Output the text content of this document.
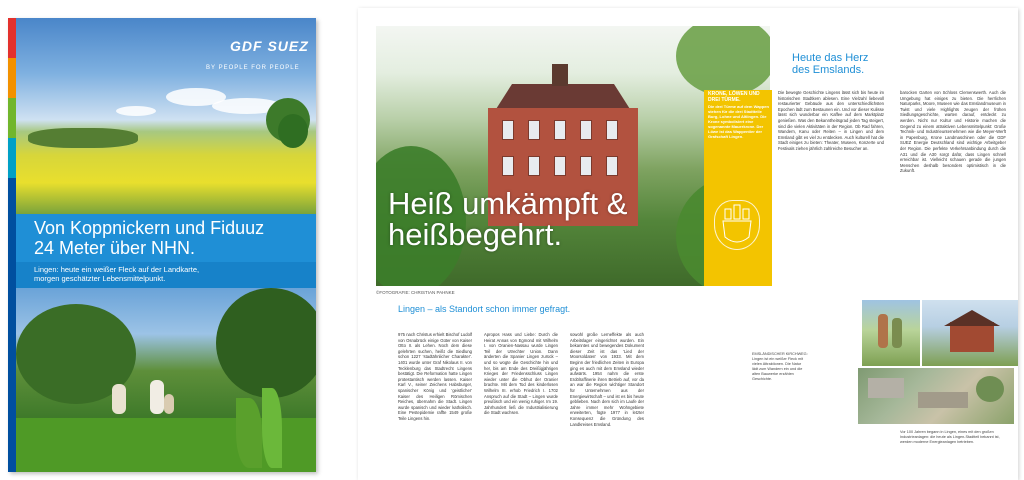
GDF SUEZ
BY PEOPLE FOR PEOPLE
Von Koppnickern und Fiduuz
24 Meter über NHN.
Lingen: heute ein weißer Fleck auf der Landkarte,
morgen geschätzter Lebensmittelpunkt.
Heiß umkämpft &
heißbegehrt.
©FOTOGRAFIE: CHRISTIAN PAHNKE
KRONE, LÖWEN UND DREI TÜRME.
Die drei Türme auf dem Wappen stehen für die drei Stadtteile Burg, Lohne und Altlingen. Die Krone symbolisiert eine sogenannte Mauerkrone. Der Löwe ist das Wappentier der Grafschaft Lingen.
Heute das Herz
des Emslands.
Die bewegte Geschichte Lingens lässt sich bis heute im historischen Stadtkern ablesen. Eine Vielzahl liebevoll restaurierter Gebäude aus den unterschiedlichsten Epochen lädt zum Bestaunen ein. Und vor dieser Kulisse lässt sich wunderbar ein Kaffee auf dem Marktplatz genießen. Was den Bekanntheitsgrad jeden Tag steigert, sind die vielen Aktivitäten in der Region. Ob Rad fahren, Wandern, Kanu oder Reiten – in Lingen und dem Emsland gibt es viel zu entdecken. Auch kulturell hat die Stadt einiges zu bieten: Theater, Museen, Konzerte und Festivals ziehen jährlich zahlreiche Besucher an.
barocken Garten von Schloss Clemenswerth. Auch die Umgebung hat einiges zu bieten. Die herrlichen Naturparks, Moore, Museen wie das Emslandmuseum in Twist und viele Highlights zeugen der frühen Siedlungsgeschichte, warten darauf, entdeckt zu werden. Nicht nur Kultur und Historie machen die Gegend zu einem attraktiven Lebensmittelpunkt: Große Technik- und Industrieunternehmen wie die Meyer-Werft in Papenburg, Krone Landmaschinen oder die GDF SUEZ Energie Deutschland sind wichtige Arbeitgeber der Region. Die perfekte Verkehrsanbindung durch die A31 und die A30 sorgt dafür, dass Lingen schnell erreichbar ist. Vielleicht schauen gerade die jungen Menschen deshalb besonders optimistisch in die Zukunft.
Lingen – als Standort schon immer gefragt.
975 nach Christus erhielt Bischof Ludolf von Osnabrück einige Güter von Kaiser Otto II. als Lehen. Noch dem diese gelehrten suchen, heißt die Siedlung schon 1227 'stadtähnlicher Charakter'. 1401 wurde unter Graf Nikolaus II. von Tecklenburg das Stadtrecht Lingens bestätigt. Die Reformation hatte Lingen protestantisch werden lassen. Kaiser Karl V., seiner Zeichens Habsburger, spanischer König und 'geistlicher' Kaiser des Heiligen Römischen Reiches, übernahm die Stadt. Lingen wurde spanisch und wieder katholisch. Eine Pestepidemie raffte 1549 große Teile Lingens hin.
Apropos Hass und Liebe: Durch die Heirat Annas von Egmond mit Wilhelm I. von Oranien-Nassau wurde Lingen Teil der Utrechter Union. Dann änderten die Spanier Lingen zurück – und so wogte die Geschichte hin und her, bis am Ende des Dreißigjährigen Krieges der Friedensschluss Lingen wieder unter die Obhut der Oranier brachte. Mit dem Tod des kinderlosen Wilhelm III. erhob Friedrich I. 1702 Anspruch auf die Stadt – Lingen wurde preußisch und ein wenig ruhiger. Im 19. Jahrhundert ließ die Industrialisierung die Stadt wachsen.
sowohl große Lerneffekte als auch Arbeitslager eingerichtet wurden. Ein bekanntes und bewegendes Dokument dieser Zeit ist das 'Lied der Moorsoldaten' von 1933. Mit dem Beginn der friedlichen Zeiten in Europa ging es auch mit dem Emsland wieder aufwärts. 1954 nahm die erste Erdölraffinerie ihren Betrieb auf, vor da an war die Region wichtiger Standort für Unternehmen aus der Energiewirtschaft – und ist es bis heute geblieben. Nach dem sich im Laufe der Jahre immer mehr Wohngebiete erweiterten, fügte 1977 in letzter Konsequenz die Gründung des Landkreises Emsland.
EMSLÄNDISCHER KIRCHWEG: Lingen ist ein weißer Fleck mit vielen Attraktionen. Die Natur lädt zum Wandern ein und die alten Bauwerke erzählen Geschichte.
Vor 100 Jahren begann in Lingen, eines mit den großen Industrieanlagen: die heute als Lingen-Stadtteil bekannt ist, werden moderne Energieanlagen betrieben.
